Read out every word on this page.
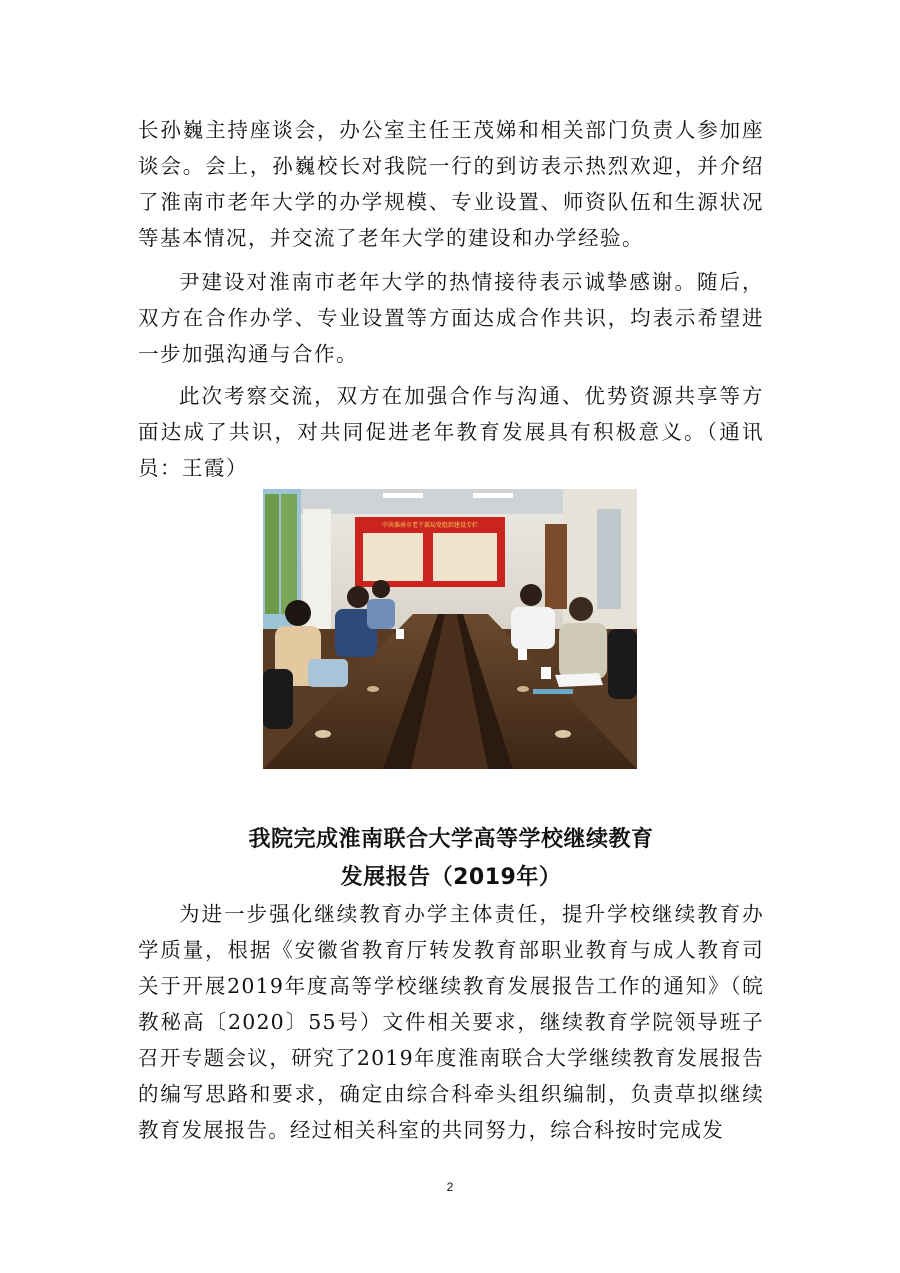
长孙巍主持座谈会，办公室主任王茂娣和相关部门负责人参加座谈会。会上，孙巍校长对我院一行的到访表示热烈欢迎，并介绍了淮南市老年大学的办学规模、专业设置、师资队伍和生源状况等基本情况，并交流了老年大学的建设和办学经验。

尹建设对淮南市老年大学的热情接待表示诚挚感谢。随后，双方在合作办学、专业设置等方面达成合作共识，均表示希望进一步加强沟通与合作。

此次考察交流，双方在加强合作与沟通、优势资源共享等方面达成了共识，对共同促进老年教育发展具有积极意义。（通讯员：王霞）

中共淮南市老干部局党组织建设专栏
我院完成淮南联合大学高等学校继续教育
发展报告（2019年）

为进一步强化继续教育办学主体责任，提升学校继续教育办学质量，根据《安徽省教育厅转发教育部职业教育与成人教育司关于开展2019年度高等学校继续教育发展报告工作的通知》（皖教秘高〔2020〕55号）文件相关要求，继续教育学院领导班子召开专题会议，研究了2019年度淮南联合大学继续教育发展报告的编写思路和要求，确定由综合科牵头组织编制，负责草拟继续教育发展报告。经过相关科室的共同努力，综合科按时完成发

2
